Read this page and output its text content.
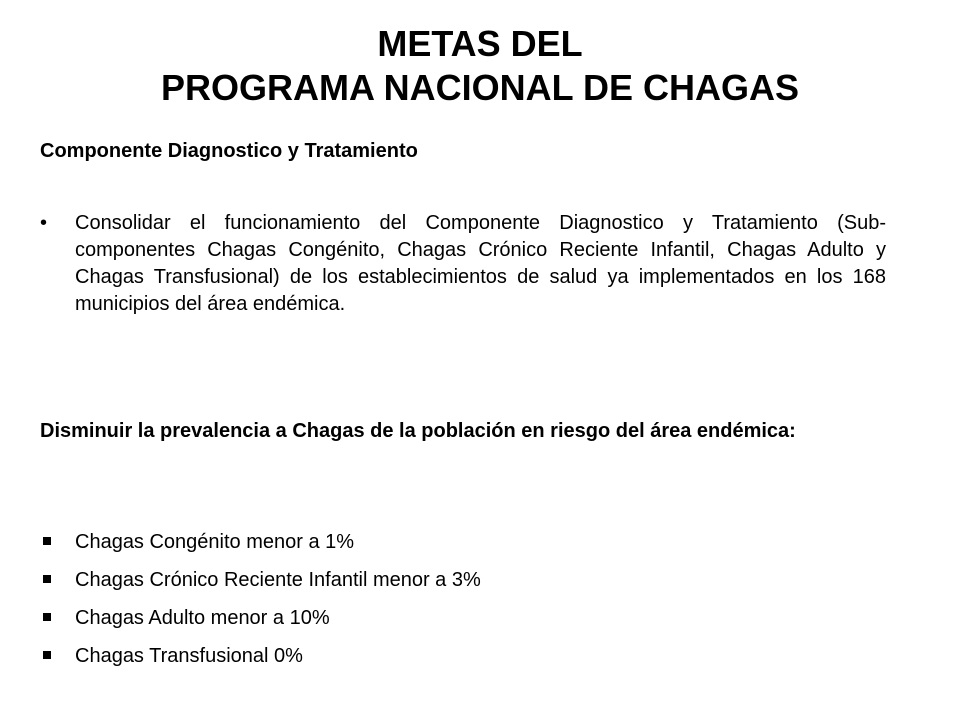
METAS DEL
PROGRAMA NACIONAL DE CHAGAS
Componente Diagnostico y Tratamiento
•	Consolidar el funcionamiento del Componente Diagnostico y Tratamiento (Sub-componentes Chagas Congénito, Chagas Crónico Reciente Infantil, Chagas Adulto y Chagas Transfusional) de los establecimientos de salud ya implementados en los 168 municipios del área endémica.
Disminuir la prevalencia a Chagas de la población en riesgo del área endémica:
Chagas Congénito menor a 1%
Chagas Crónico Reciente Infantil menor a 3%
Chagas Adulto menor a 10%
Chagas Transfusional 0%
